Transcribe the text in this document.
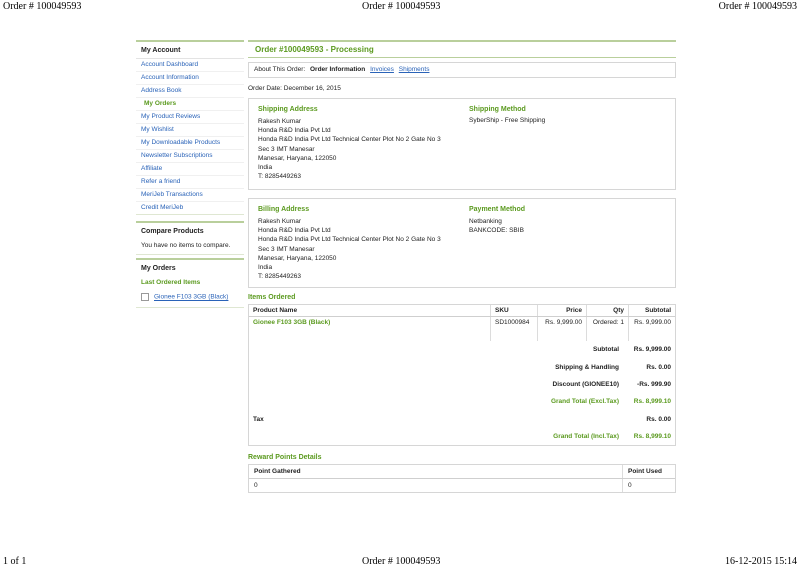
Order # 100049593	Order # 100049593	Order # 100049593
My Account
Account Dashboard
Account Information
Address Book
My Orders
My Product Reviews
My Wishlist
My Downloadable Products
Newsletter Subscriptions
Affiliate
Refer a friend
MeriJeb Transactions
Credit MeriJeb
Compare Products
You have no items to compare.
My Orders
Last Ordered Items
Gionee F103 3GB (Black)
Order #100049593 - Processing
About This Order: Order Information Invoices Shipments
Order Date: December 16, 2015
Shipping Address
Rakesh Kumar
Honda R&D India Pvt Ltd
Honda R&D India Pvt Ltd Technical Center Plot No 2 Gate No 3
Sec 3 IMT Manesar
Manesar, Haryana, 122050
India
T: 8285449263
Shipping Method
SyberShip - Free Shipping
Billing Address
Rakesh Kumar
Honda R&D India Pvt Ltd
Honda R&D India Pvt Ltd Technical Center Plot No 2 Gate No 3
Sec 3 IMT Manesar
Manesar, Haryana, 122050
India
T: 8285449263
Payment Method
Netbanking
BANKCODE: SBIB
Items Ordered
Product Name	SKU	Price	Qty	Subtotal
Gionee F103 3GB (Black)	SD1000984	Rs. 9,999.00	Ordered: 1	Rs. 9,999.00
Subtotal	Rs. 9,999.00
Shipping & Handling	Rs. 0.00
Discount (GIONEE10)	-Rs. 999.90
Grand Total (Excl.Tax)	Rs. 8,999.10
Tax	Rs. 0.00
Grand Total (Incl.Tax)	Rs. 8,999.10
Reward Points Details
Point Gathered	Point Used
0	0
1 of 1	Order # 100049593	16-12-2015 15:14
